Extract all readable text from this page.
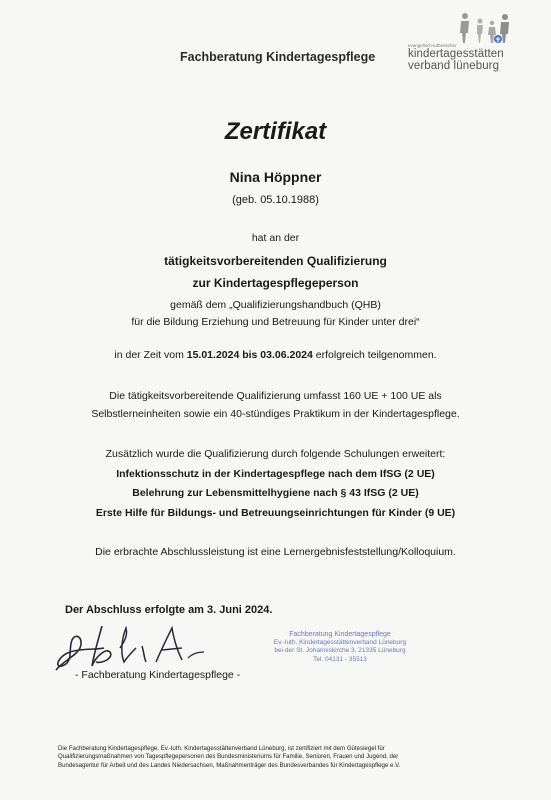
Fachberatung Kindertagespflege
evangelisch-lutherischer
kindertagesstätten
verband lüneburg
Zertifikat
Nina Höppner
(geb. 05.10.1988)
hat an der
tätigkeitsvorbereitenden Qualifizierung
zur Kindertagespflegeperson
gemäß dem „Qualifizierungshandbuch (QHB)
für die Bildung Erziehung und Betreuung für Kinder unter drei“
in der Zeit vom 15.01.2024 bis 03.06.2024 erfolgreich teilgenommen.
Die tätigkeitsvorbereitende Qualifizierung umfasst 160 UE + 100 UE als
Selbstlerneinheiten sowie ein 40-stündiges Praktikum in der Kindertagespflege.
Zusätzlich wurde die Qualifizierung durch folgende Schulungen erweitert:
Infektionsschutz in der Kindertagespflege nach dem IfSG (2 UE)
Belehrung zur Lebensmittelhygiene nach § 43 IfSG (2 UE)
Erste Hilfe für Bildungs- und Betreuungseinrichtungen für Kinder (9 UE)
Die erbrachte Abschlussleistung ist eine Lernergebnisfeststellung/Kolloquium.
Der Abschluss erfolgte am 3. Juni 2024.
- Fachberatung Kindertagespflege -
Fachberatung Kindertagespflege
Ev.-luth. Kindertagesstättenverband Lüneburg
bei der St. Johanniskirche 3, 21335 Lüneburg
Tel. 04131 - 35513
Die Fachberatung Kindertagespflege, Ev.-luth. Kindertagesstättenverband Lüneburg, ist zertifiziert mit dem Gütesiegel für
Qualifizierungsmaßnahmen von Tagespflegepersonen des Bundesministeriums für Familie, Senioren, Frauen und Jugend, der
Bundesagentur für Arbeit und des Landes Niedersachsen, Maßnahmenträger des Bundesverbandes für Kindertagespflege e.V.
